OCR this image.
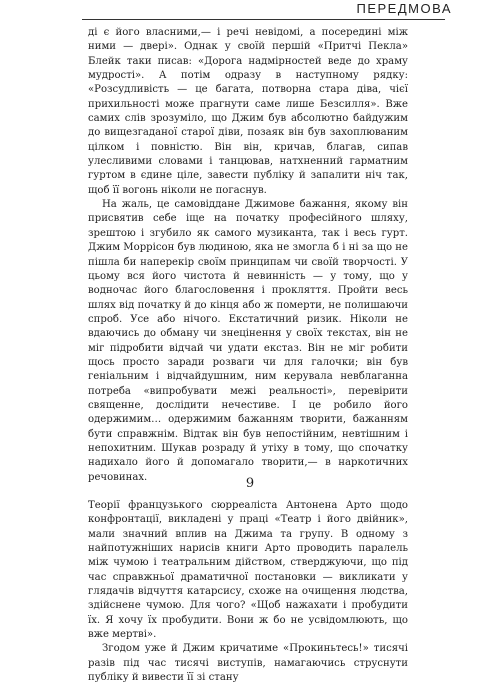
ПЕРЕДМОВА

ді є його власними,— і речі невідомі, а посередині між ними — двері». Однак у своїй першій «Притчі Пекла» Блейк таки писав: «Дорога надмірностей веде до храму мудрості». А потім одразу в наступному рядку: «Розсудливість — це багата, потворна стара діва, чієї прихильності може прагнути саме лише Безсилля». Вже самих слів зрозуміло, що Джим був абсолютно байдужим до вищезгаданої старої діви, позаяк він був захоплюваним цілком і повністю. Він він, кричав, благав, сипав улесливими словами і танцював, натхненний гарматним гуртом в єдине ціле, завести публіку й запалити ніч так, щоб її вогонь ніколи не погаснув.

На жаль, це самовіддане Джимове бажання, якому він присвятив себе іще на початку професійного шляху, зрештою і згубило як самого музиканта, так і весь гурт. Джим Моррісон був людиною, яка не змогла б і ні за що не пішла би наперекір своїм принципам чи своїй творчості. У цьому вся його чистота й невинність — у тому, що у водночас його благословення і прокляття. Пройти весь шлях від початку й до кінця або ж померти, не полишаючи спроб. Усе або нічого. Екстатичний ризик. Ніколи не вдаючись до обману чи знецінення у своїх текстах, він не міг підробити відчай чи удати екстаз. Він не міг робити щось просто заради розваги чи для галочки; він був геніальним і відчайдушним, ним керувала невблаганна потреба «випробувати межі реальності», перевірити священне, дослідити нечестиве. І це робило його одержимим… одержимим бажанням творити, бажанням бути справжнім. Відтак він був непостійним, невтішним і непохитним. Шукав розраду й утіху в тому, що спочатку надихало його й допомагало творити,— в наркотичних речовинах.

Теорії французького сюрреаліста Антонена Арто щодо конфронтації, викладені у праці «Театр і його двійник», мали значний вплив на Джима та групу. В одному з найпотужніших нарисів книги Арто проводить паралель між чумою і театральним дійством, стверджуючи, що під час справжньої драматичної постановки — викликати у глядачів відчуття катарсису, схоже на очищення людства, здійснене чумою. Для чого? «Щоб нажахати і пробудити їх. Я хочу їх пробудити. Вони ж бо не усвідомлюють, що вже мертві».

Згодом уже й Джим кричатиме «Прокиньтесь!» тисячі разів під час тисячі виступів, намагаючись струснути публіку й вивести її зі стану

9
